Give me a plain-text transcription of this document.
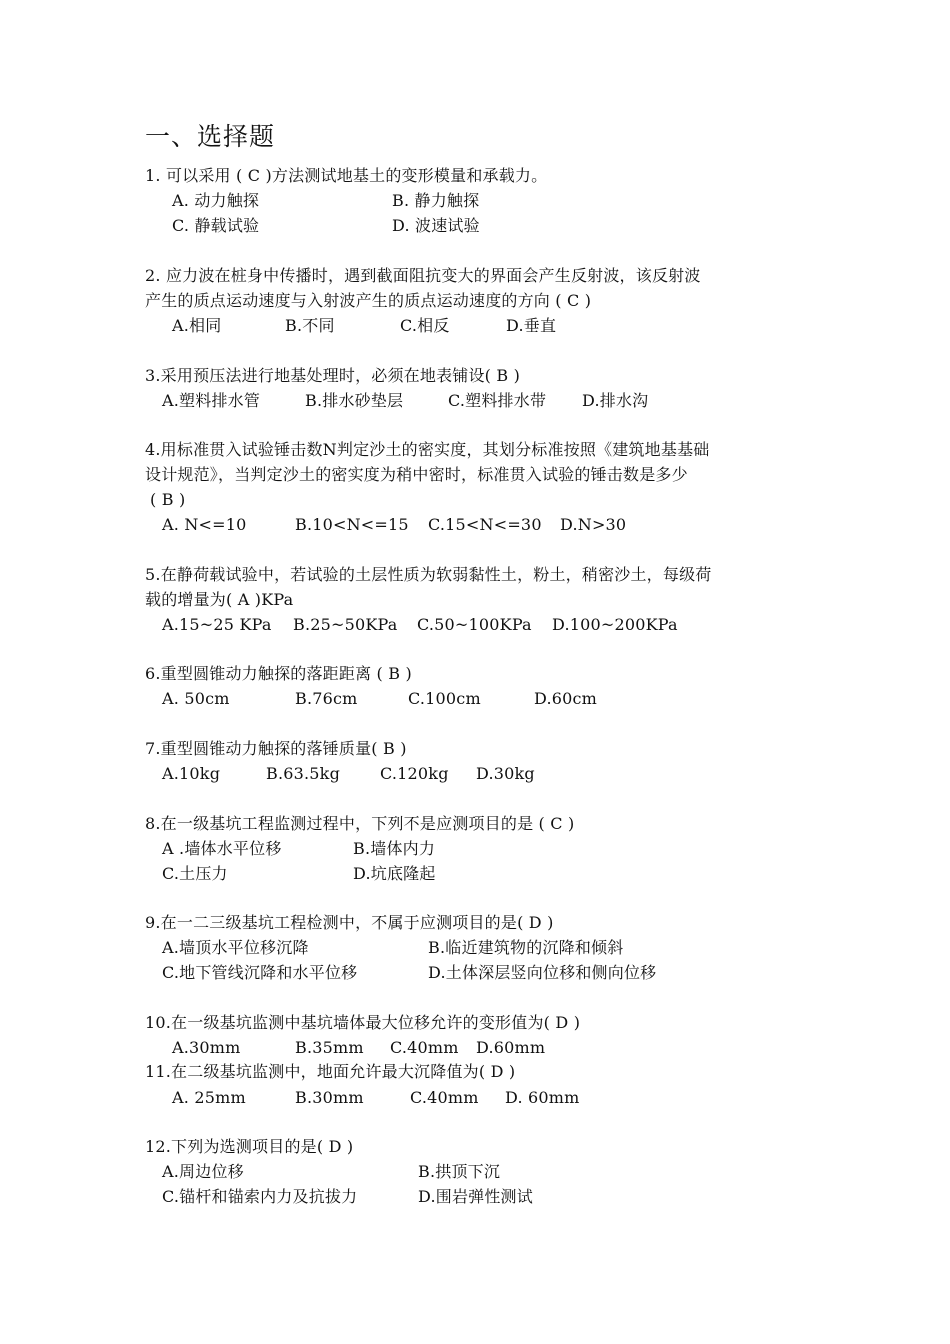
一、选择题
1. 可以采用 ( C )方法测试地基土的变形模量和承载力。
A. 动力触探	B. 静力触探
C. 静载试验	D. 波速试验
2. 应力波在桩身中传播时，遇到截面阻抗变大的界面会产生反射波，该反射波
产生的质点运动速度与入射波产生的质点运动速度的方向 ( C )
A.相同	B.不同	C.相反	D.垂直
3.采用预压法进行地基处理时，必须在地表铺设( B )
A.塑料排水管	B.排水砂垫层	C.塑料排水带 D.排水沟
4.用标准贯入试验锤击数N判定沙土的密实度，其划分标准按照《建筑地基基础
设计规范》，当判定沙土的密实度为稍中密时，标准贯入试验的锤击数是多少
( B )
A. N<=10	B.10<N<=15 C.15<N<=30 D.N>30
5.在静荷载试验中，若试验的土层性质为软弱黏性土，粉土，稍密沙土，每级荷
载的增量为( A )KPa
A.15~25 KPa B.25~50KPa C.50~100KPa D.100~200KPa
6.重型圆锥动力触探的落距距离 ( B )
A. 50cm	B.76cm	C.100cm	D.60cm
7.重型圆锥动力触探的落锤质量( B )
A.10kg	B.63.5kg C.120kg D.30kg
8.在一级基坑工程监测过程中，下列不是应测项目的是 ( C )
A .墙体水平位移	B.墙体内力
C.土压力	D.坑底隆起
9.在一二三级基坑工程检测中，不属于应测项目的是( D )
A.墙顶水平位移沉降	B.临近建筑物的沉降和倾斜
C.地下管线沉降和水平位移	D.土体深层竖向位移和侧向位移
10.在一级基坑监测中基坑墙体最大位移允许的变形值为( D )
A.30mm	B.35mm C.40mm D.60mm
11.在二级基坑监测中，地面允许最大沉降值为( D )
A. 25mm	B.30mm	C.40mm D. 60mm
12.下列为选测项目的是( D )
A.周边位移	B.拱顶下沉
C.锚杆和锚索内力及抗拔力	D.围岩弹性测试
